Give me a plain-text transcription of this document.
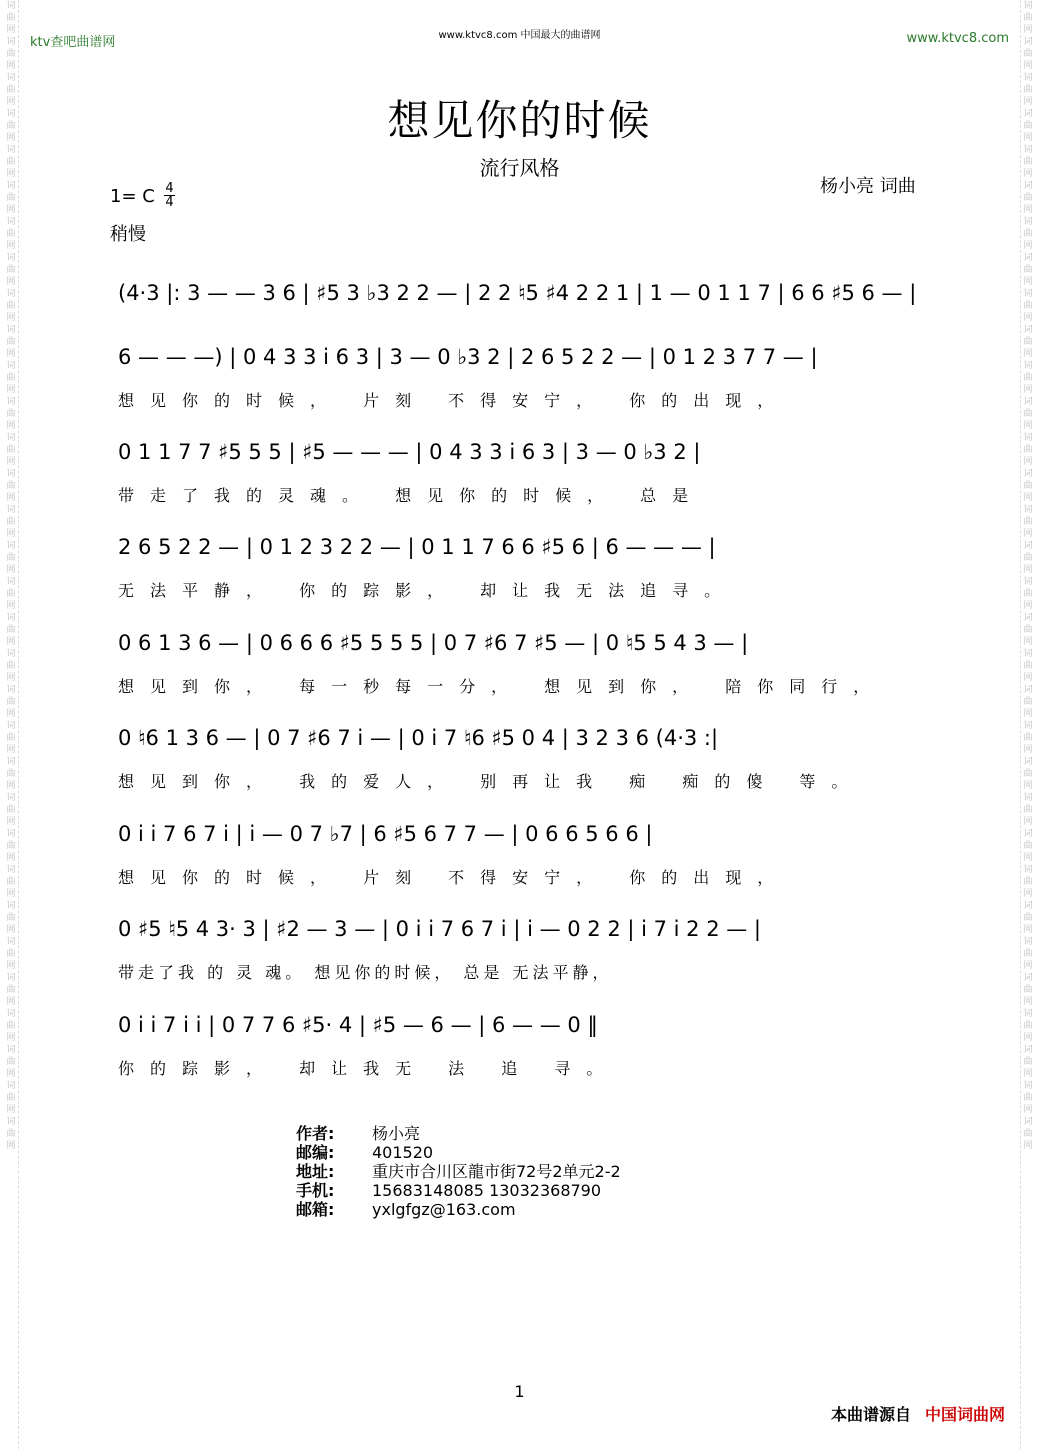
词曲网词曲网词曲网词曲网词曲网词曲网词曲网词曲网词曲网词曲网词曲网词曲网词曲网词曲网词曲网词曲网词曲网词曲网词曲网词曲网词曲网词曲网词曲网词曲网词曲网词曲网词曲网词曲网词曲网词曲网词曲网词曲网
词曲网词曲网词曲网词曲网词曲网词曲网词曲网词曲网词曲网词曲网词曲网词曲网词曲网词曲网词曲网词曲网词曲网词曲网词曲网词曲网词曲网词曲网词曲网词曲网词曲网词曲网词曲网词曲网词曲网词曲网词曲网词曲网
ktv查吧曲谱网	www.ktvc8.com 中国最大的曲谱网	www.ktvc8.com
想见你的时候
流行风格
杨小亮 词曲
1= C 4
4
稍慢
(4·3 |: 3 — — 3 6 | ♯5 3 ♭3 2 2 — | 2 2 ♮5 ♯4 2 2 1 | 1 — 0 1 1 7 | 6 6 ♯5 6 — |
6 — — —) | 0 4 3 3 i 6 3 | 3 — 0 ♭3 2 | 2 6 5 2 2 — | 0 1 2 3 7 7 — |
想见你的时候， 片刻 不得安宁， 你的出现，
0 1 1 7 7 ♯5 5 5 | ♯5 — — — | 0 4 3 3 i 6 3 | 3 — 0 ♭3 2 |
带走了我的灵魂。 想见你的时候， 总是
2 6 5 2 2 — | 0 1 2 3 2 2 — | 0 1 1 7 6 6 ♯5 6 | 6 — — — |
无法平静， 你的踪影， 却让我无法追寻。
0 6 1 3 6 — | 0 6 6 6 ♯5 5 5 5 | 0 7 ♯6 7 ♯5 — | 0 ♮5 5 4 3 — |
想见到你， 每一秒每一分， 想见到你， 陪你同行，
0 ♮6 1 3 6 — | 0 7 ♯6 7 i — | 0 i 7 ♮6 ♯5 0 4 | 3 2 3 6 (4·3 :|
想见到你， 我的爱人， 别再让我 痴 痴的傻 等。
0 i i 7 6 7 i | i — 0 7 ♭7 | 6 ♯5 6 7 7 — | 0 6 6 5 6 6 |
想见你的时候， 片刻 不得安宁， 你的出现，
0 ♯5 ♮5 4 3· 3 | ♯2 — 3 — | 0 i i 7 6 7 i | i — 0 2 2 | i 7 i 2 2 — |
带走了我 的 灵 魂。 想见你的时候， 总是 无法平静，
0 i i 7 i i | 0 7 7 6 ♯5· 4 | ♯5 — 6 — | 6 — — 0 ‖
你的踪影， 却让我无 法 追 寻。
作者: 杨小亮
邮编: 401520
地址: 重庆市合川区龍市街72号2单元2-2
手机: 15683148085 13032368790
邮箱: yxlgfgz@163.com
1
本曲谱源自 中国词曲网
